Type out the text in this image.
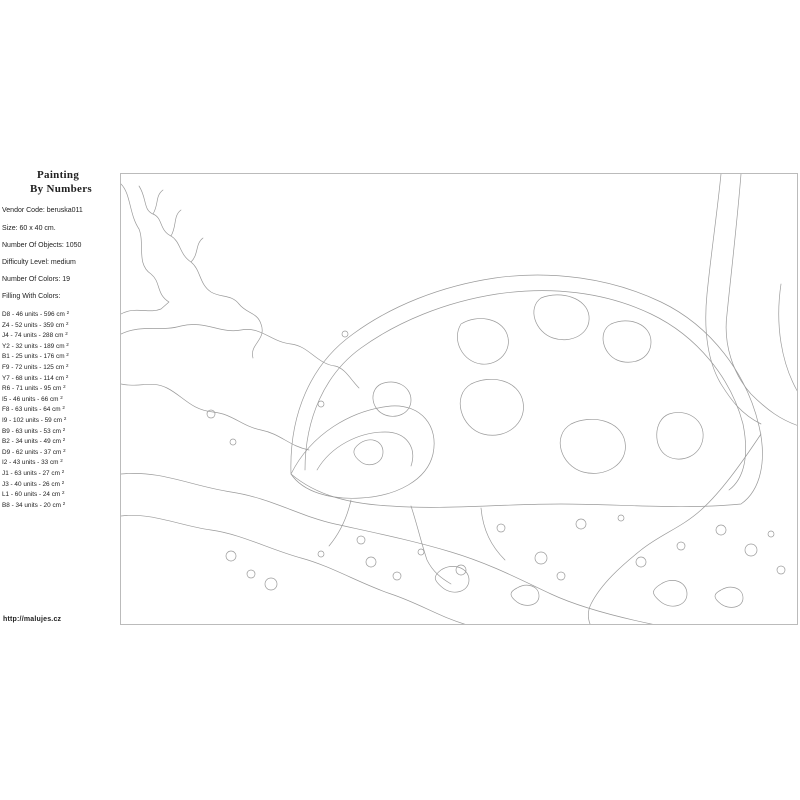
Painting
By Numbers
Vendor Code: beruska011
Size: 60 x 40 cm.
Number Of Objects: 1050
Difficulty Level: medium
Number Of Colors: 19
Filling With Colors:
D8 - 46 units - 596 cm $^2$
Z4 - 52 units - 359 cm $^2$
J4 - 74 units - 288 cm $^2$
Y2 - 32 units - 189 cm $^2$
B1 - 25 units - 176 cm $^2$
F9 - 72 units - 125 cm $^2$
Y7 - 68 units - 114 cm $^2$
R6 - 71 units - 95 cm $^2$
I5 - 46 units - 66 cm $^2$
F8 - 63 units - 64 cm $^2$
I9 - 102 units - 59 cm $^2$
B9 - 63 units - 53 cm $^2$
B2 - 34 units - 49 cm $^2$
D9 - 62 units - 37 cm $^2$
I2 - 43 units - 33 cm $^2$
J1 - 63 units - 27 cm $^2$
J3 - 40 units - 26 cm $^2$
L1 - 60 units - 24 cm $^2$
B8 - 34 units - 20 cm $^2$
http://malujes.cz
